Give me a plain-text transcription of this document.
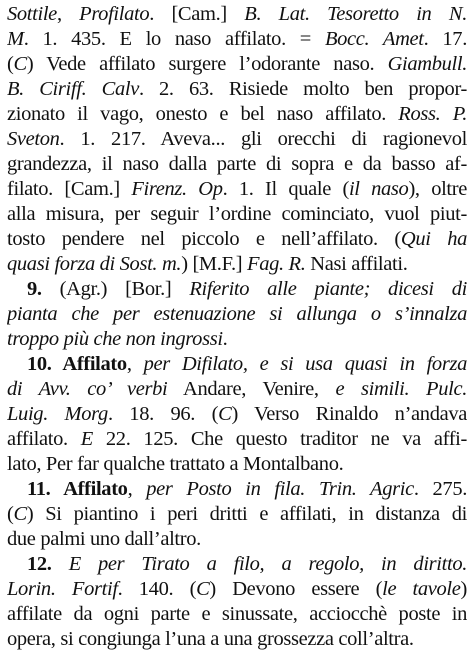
Sottile, Profilato. [Cam.] B. Lat. Tesoretto in N.
M. 1. 435. E lo naso affilato. = Bocc. Amet. 17.
(C) Vede affilato surgere l’odorante naso. Giambull.
B. Ciriff. Calv. 2. 63. Risiede molto ben propor-
zionato il vago, onesto e bel naso affilato. Ross. P.
Sveton. 1. 217. Aveva... gli orecchi di ragionevol
grandezza, il naso dalla parte di sopra e da basso af-
filato. [Cam.] Firenz. Op. 1. Il quale (il naso), oltre
alla misura, per seguir l’ordine cominciato, vuol piut-
tosto pendere nel piccolo e nell’affilato. (Qui ha
quasi forza di Sost. m.) [M.F.] Fag. R. Nasi affilati.
9. (Agr.) [Bor.] Riferito alle piante; dicesi di
pianta che per estenuazione si allunga o s’innalza
troppo più che non ingrossi.
10. Affilato, per Difilato, e si usa quasi in forza
di Avv. co’ verbi Andare, Venire, e simili. Pulc.
Luig. Morg. 18. 96. (C) Verso Rinaldo n’andava
affilato. E 22. 125. Che questo traditor ne va affi-
lato, Per far qualche trattato a Montalbano.
11. Affilato, per Posto in fila. Trin. Agric. 275.
(C) Si piantino i peri dritti e affilati, in distanza di
due palmi uno dall’altro.
12. E per Tirato a filo, a regolo, in diritto.
Lorin. Fortif. 140. (C) Devono essere (le tavole)
affilate da ogni parte e sinussate, acciocchè poste in
opera, si congiunga l’una a una grossezza coll’altra.
